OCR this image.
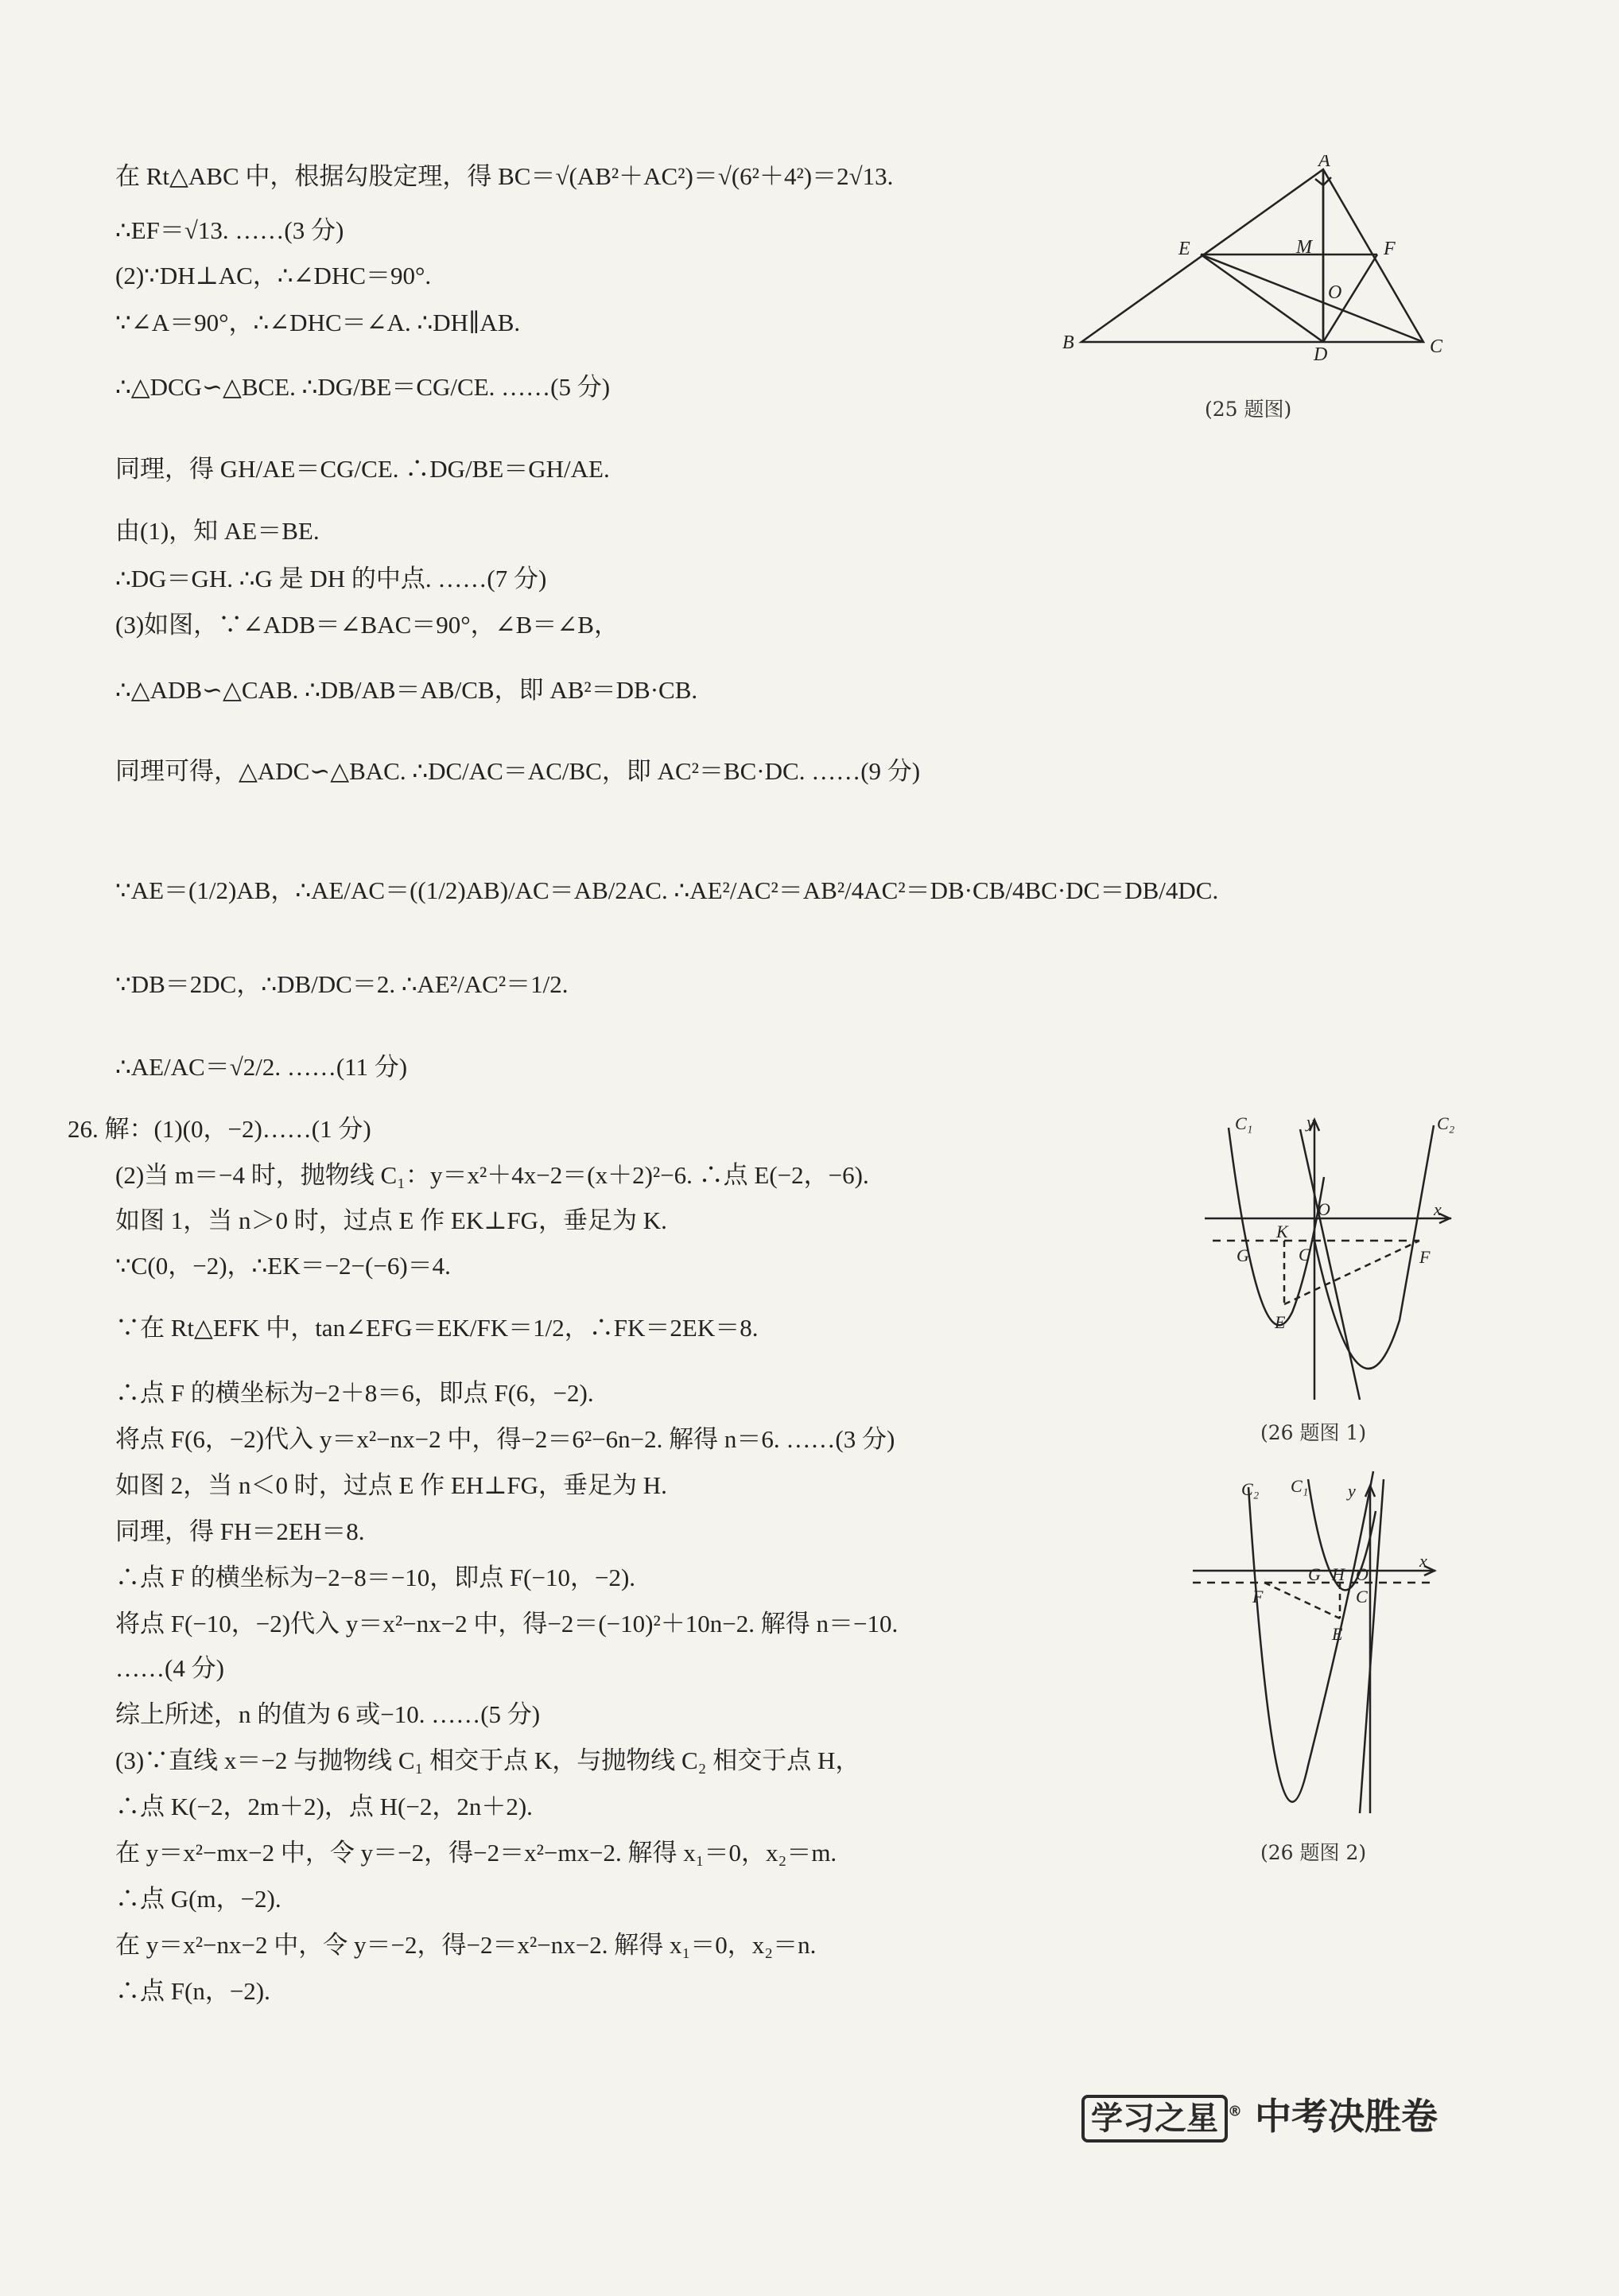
在 Rt△ABC 中，根据勾股定理，得 BC＝√(AB²＋AC²)＝√(6²＋4²)＝2√13.
∴EF＝√13. ……(3 分)
(2)∵DH⊥AC，∴∠DHC＝90°.
∵∠A＝90°，∴∠DHC＝∠A. ∴DH∥AB.
∴△DCG∽△BCE. ∴DG/BE＝CG/CE. ……(5 分)
同理，得 GH/AE＝CG/CE. ∴DG/BE＝GH/AE.
由(1)，知 AE＝BE.
∴DG＝GH. ∴G 是 DH 的中点. ……(7 分)
(3)如图，∵∠ADB＝∠BAC＝90°，∠B＝∠B，
∴△ADB∽△CAB. ∴DB/AB＝AB/CB，即 AB²＝DB·CB.
同理可得，△ADC∽△BAC. ∴DC/AC＝AC/BC，即 AC²＝BC·DC. ……(9 分)
∵AE＝(1/2)AB，∴AE/AC＝((1/2)AB)/AC＝AB/2AC. ∴AE²/AC²＝AB²/4AC²＝DB·CB/4BC·DC＝DB/4DC.
∵DB＝2DC，∴DB/DC＝2. ∴AE²/AC²＝1/2.
∴AE/AC＝√2/2. ……(11 分)
26. 解：(1)(0，−2)……(1 分)
(2)当 m＝−4 时，抛物线 C₁：y＝x²＋4x−2＝(x＋2)²−6. ∴点 E(−2，−6).
如图 1，当 n＞0 时，过点 E 作 EK⊥FG，垂足为 K.
∵C(0，−2)，∴EK＝−2−(−6)＝4.
∵在 Rt△EFK 中，tan∠EFG＝EK/FK＝1/2，∴FK＝2EK＝8.
∴点 F 的横坐标为−2＋8＝6，即点 F(6，−2).
将点 F(6，−2)代入 y＝x²−nx−2 中，得−2＝6²−6n−2. 解得 n＝6. ……(3 分)
如图 2，当 n＜0 时，过点 E 作 EH⊥FG，垂足为 H.
同理，得 FH＝2EH＝8.
∴点 F 的横坐标为−2−8＝−10，即点 F(−10，−2).
将点 F(−10，−2)代入 y＝x²−nx−2 中，得−2＝(−10)²＋10n−2. 解得 n＝−10.
……(4 分)
综上所述，n 的值为 6 或−10. ……(5 分)
(3)∵直线 x＝−2 与抛物线 C₁ 相交于点 K，与抛物线 C₂ 相交于点 H，
∴点 K(−2，2m＋2)，点 H(−2，2n＋2).
在 y＝x²−mx−2 中，令 y＝−2，得−2＝x²−mx−2. 解得 x₁＝0，x₂＝m.
∴点 G(m，−2).
在 y＝x²−nx−2 中，令 y＝−2，得−2＝x²−nx−2. 解得 x₁＝0，x₂＝n.
∴点 F(n，−2).
A
B	C
D
E	F
M
O
(25 题图)
C₁	C₂
y
x
O
K
C
G	F
E
(26 题图 1)
C₂ C₁ y
x
G H O
F	C
E
(26 题图 2)
学习之星 ® 中考决胜卷
